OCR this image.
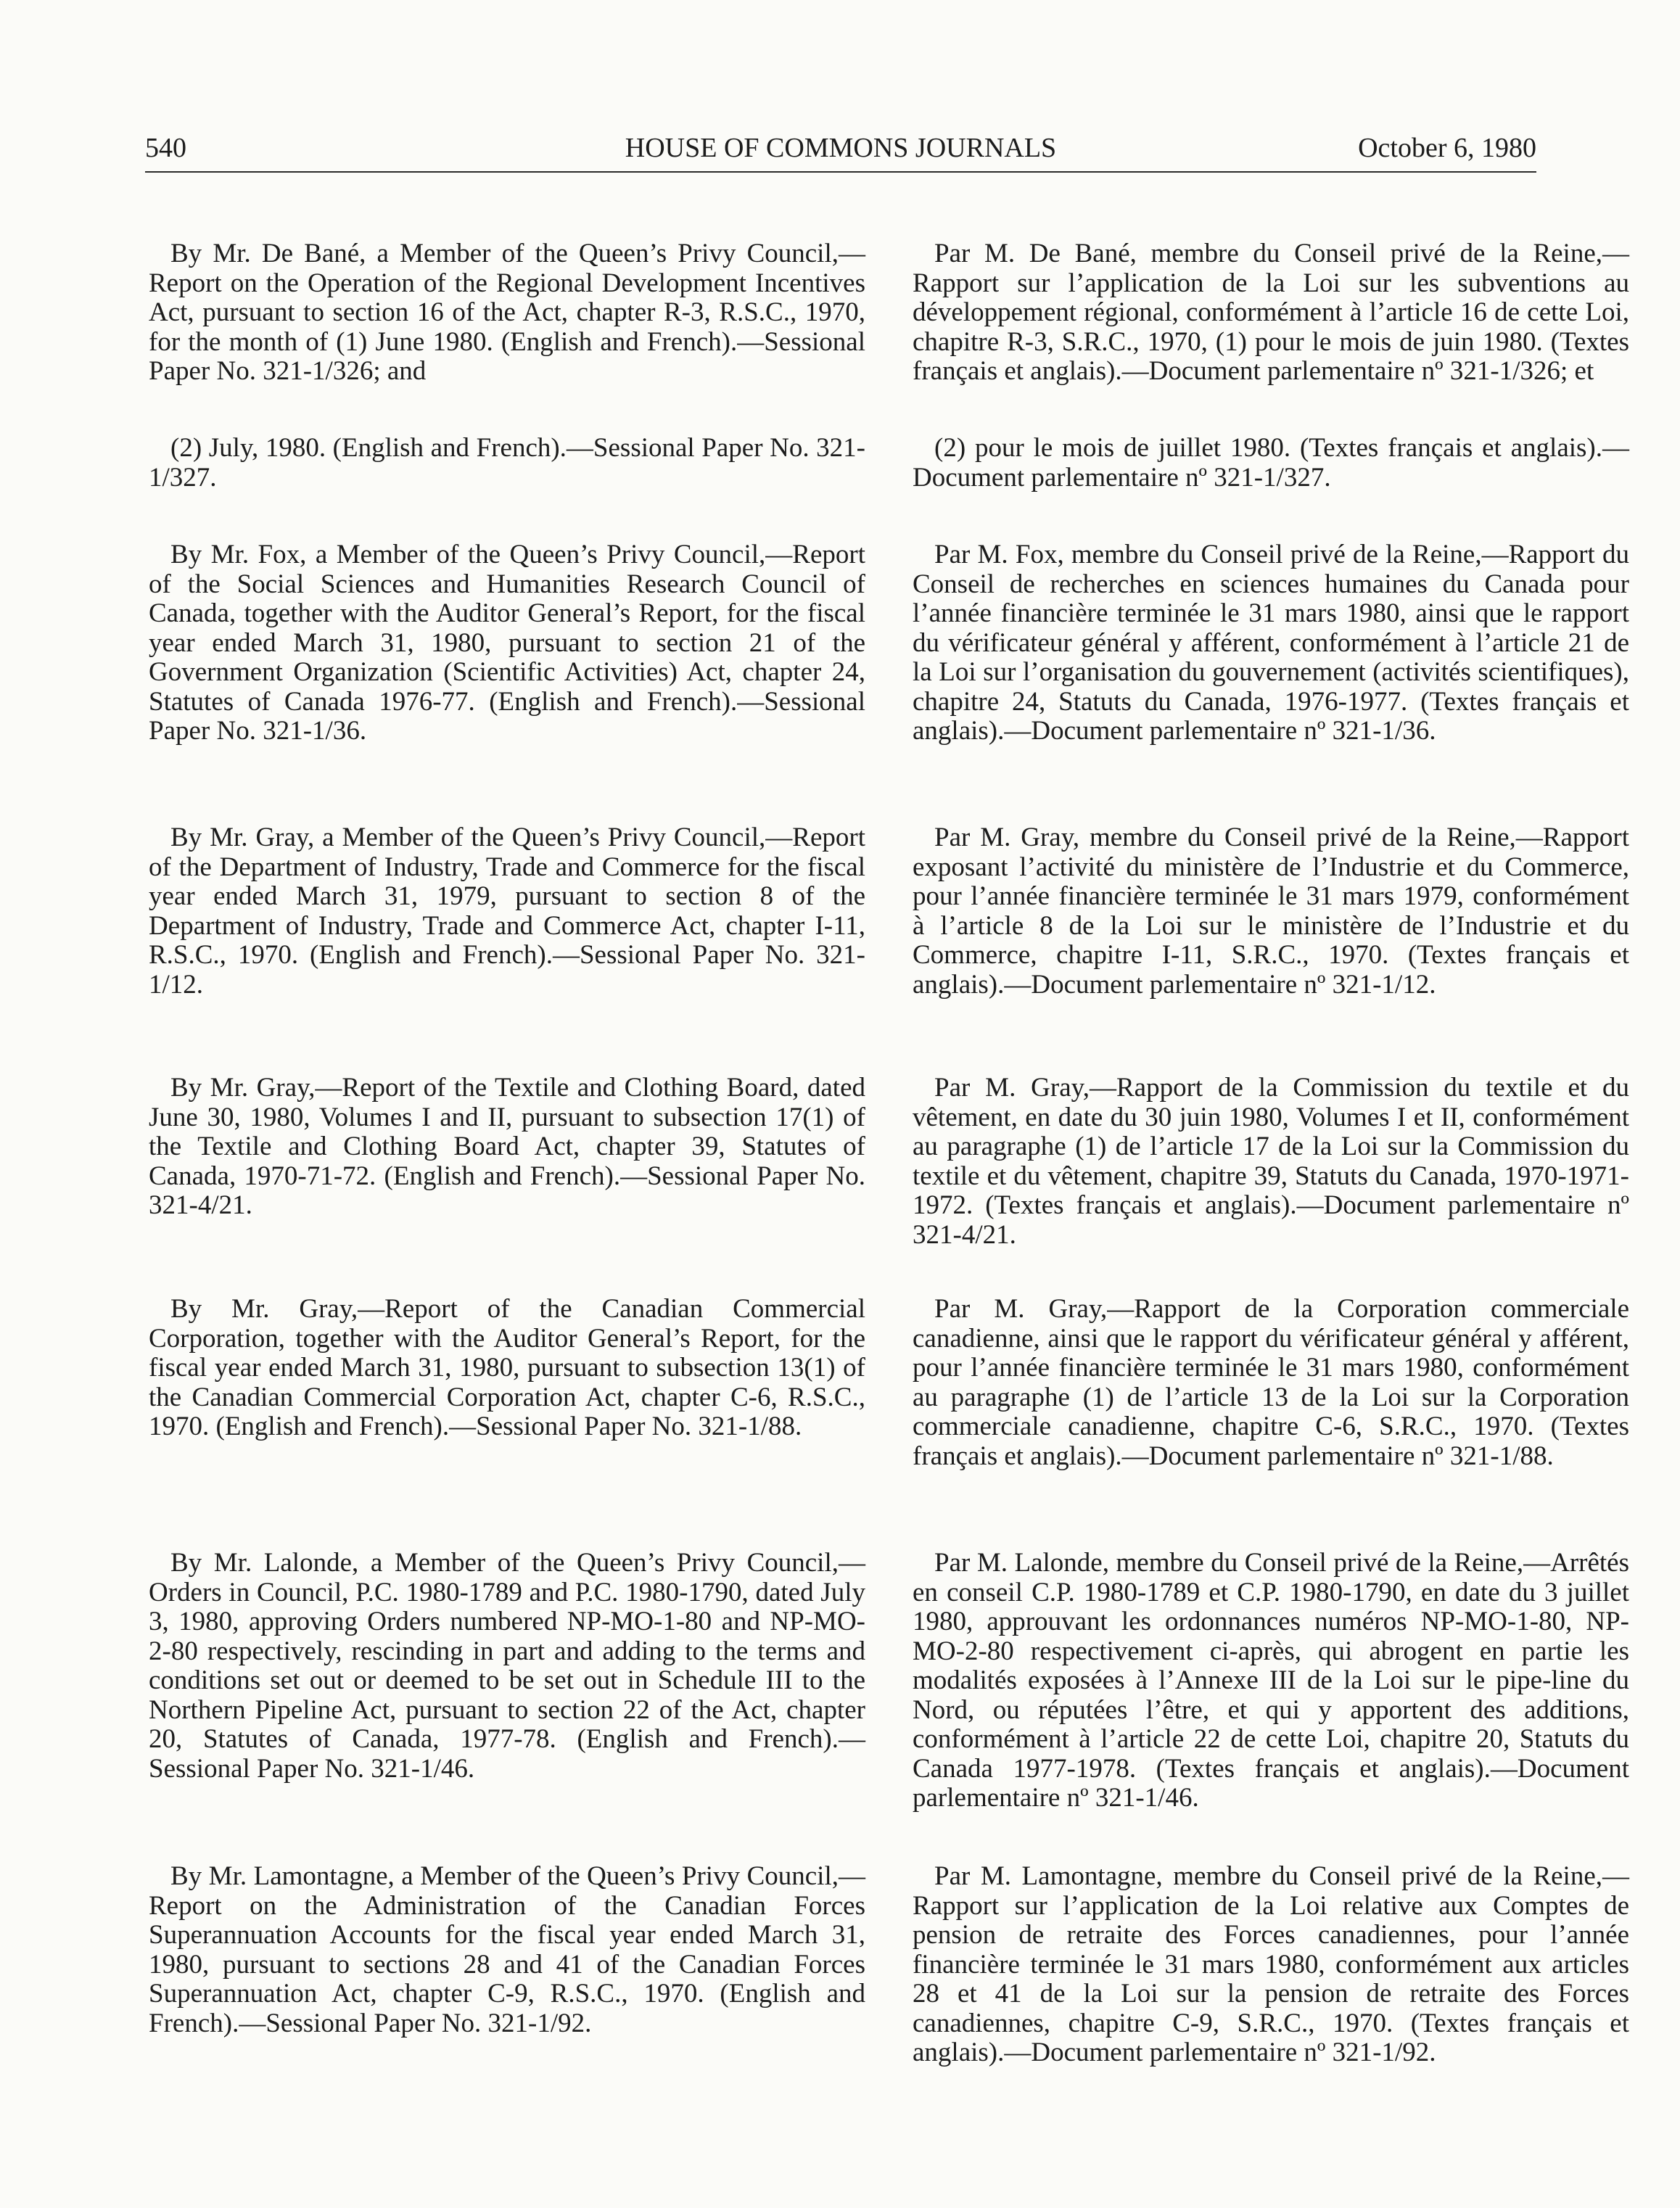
HOUSE OF COMMONS JOURNALS
540	October 6, 1980

By Mr. De Bané, a Member of the Queen’s Privy Council,—Report on the Operation of the Regional Development Incentives Act, pursuant to section 16 of the Act, chapter R-3, R.S.C., 1970, for the month of (1) June 1980. (English and French).—Sessional Paper No. 321-1/326; and

(2) July, 1980. (English and French).—Sessional Paper No. 321-1/327.

By Mr. Fox, a Member of the Queen’s Privy Council,—Report of the Social Sciences and Humanities Research Council of Canada, together with the Auditor General’s Report, for the fiscal year ended March 31, 1980, pursuant to section 21 of the Government Organization (Scientific Activities) Act, chapter 24, Statutes of Canada 1976-77. (English and French).—Sessional Paper No. 321-1/36.

By Mr. Gray, a Member of the Queen’s Privy Council,—Report of the Department of Industry, Trade and Commerce for the fiscal year ended March 31, 1979, pursuant to section 8 of the Department of Industry, Trade and Commerce Act, chapter I-11, R.S.C., 1970. (English and French).—Sessional Paper No. 321-1/12.

By Mr. Gray,—Report of the Textile and Clothing Board, dated June 30, 1980, Volumes I and II, pursuant to subsection 17(1) of the Textile and Clothing Board Act, chapter 39, Statutes of Canada, 1970-71-72. (English and French).—Sessional Paper No. 321-4/21.

By Mr. Gray,—Report of the Canadian Commercial Corporation, together with the Auditor General’s Report, for the fiscal year ended March 31, 1980, pursuant to subsection 13(1) of the Canadian Commercial Corporation Act, chapter C-6, R.S.C., 1970. (English and French).—Sessional Paper No. 321-1/88.

By Mr. Lalonde, a Member of the Queen’s Privy Council,—Orders in Council, P.C. 1980-1789 and P.C. 1980-1790, dated July 3, 1980, approving Orders numbered NP-MO-1-80 and NP-MO-2-80 respectively, rescinding in part and adding to the terms and conditions set out or deemed to be set out in Schedule III to the Northern Pipeline Act, pursuant to section 22 of the Act, chapter 20, Statutes of Canada, 1977-78. (English and French).—Sessional Paper No. 321-1/46.

By Mr. Lamontagne, a Member of the Queen’s Privy Council,—Report on the Administration of the Canadian Forces Superannuation Accounts for the fiscal year ended March 31, 1980, pursuant to sections 28 and 41 of the Canadian Forces Superannuation Act, chapter C-9, R.S.C., 1970. (English and French).—Sessional Paper No. 321-1/92.

Par M. De Bané, membre du Conseil privé de la Reine,—Rapport sur l’application de la Loi sur les subventions au développement régional, conformément à l’article 16 de cette Loi, chapitre R-3, S.R.C., 1970, (1) pour le mois de juin 1980. (Textes français et anglais).—Document parlementaire nº 321-1/326; et

(2) pour le mois de juillet 1980. (Textes français et anglais).—Document parlementaire nº 321-1/327.

Par M. Fox, membre du Conseil privé de la Reine,—Rapport du Conseil de recherches en sciences humaines du Canada pour l’année financière terminée le 31 mars 1980, ainsi que le rapport du vérificateur général y afférent, conformément à l’article 21 de la Loi sur l’organisation du gouvernement (activités scientifiques), chapitre 24, Statuts du Canada, 1976-1977. (Textes français et anglais).—Document parlementaire nº 321-1/36.

Par M. Gray, membre du Conseil privé de la Reine,—Rapport exposant l’activité du ministère de l’Industrie et du Commerce, pour l’année financière terminée le 31 mars 1979, conformément à l’article 8 de la Loi sur le ministère de l’Industrie et du Commerce, chapitre I-11, S.R.C., 1970. (Textes français et anglais).—Document parlementaire nº 321-1/12.

Par M. Gray,—Rapport de la Commission du textile et du vêtement, en date du 30 juin 1980, Volumes I et II, conformément au paragraphe (1) de l’article 17 de la Loi sur la Commission du textile et du vêtement, chapitre 39, Statuts du Canada, 1970-1971-1972. (Textes français et anglais).—Document parlementaire nº 321-4/21.

Par M. Gray,—Rapport de la Corporation commerciale canadienne, ainsi que le rapport du vérificateur général y afférent, pour l’année financière terminée le 31 mars 1980, conformément au paragraphe (1) de l’article 13 de la Loi sur la Corporation commerciale canadienne, chapitre C-6, S.R.C., 1970. (Textes français et anglais).—Document parlementaire nº 321-1/88.

Par M. Lalonde, membre du Conseil privé de la Reine,—Arrêtés en conseil C.P. 1980-1789 et C.P. 1980-1790, en date du 3 juillet 1980, approuvant les ordonnances numéros NP-MO-1-80, NP-MO-2-80 respectivement ci-après, qui abrogent en partie les modalités exposées à l’Annexe III de la Loi sur le pipe-line du Nord, ou réputées l’être, et qui y apportent des additions, conformément à l’article 22 de cette Loi, chapitre 20, Statuts du Canada 1977-1978. (Textes français et anglais).—Document parlementaire nº 321-1/46.

Par M. Lamontagne, membre du Conseil privé de la Reine,—Rapport sur l’application de la Loi relative aux Comptes de pension de retraite des Forces canadiennes, pour l’année financière terminée le 31 mars 1980, conformément aux articles 28 et 41 de la Loi sur la pension de retraite des Forces canadiennes, chapitre C-9, S.R.C., 1970. (Textes français et anglais).—Document parlementaire nº 321-1/92.
